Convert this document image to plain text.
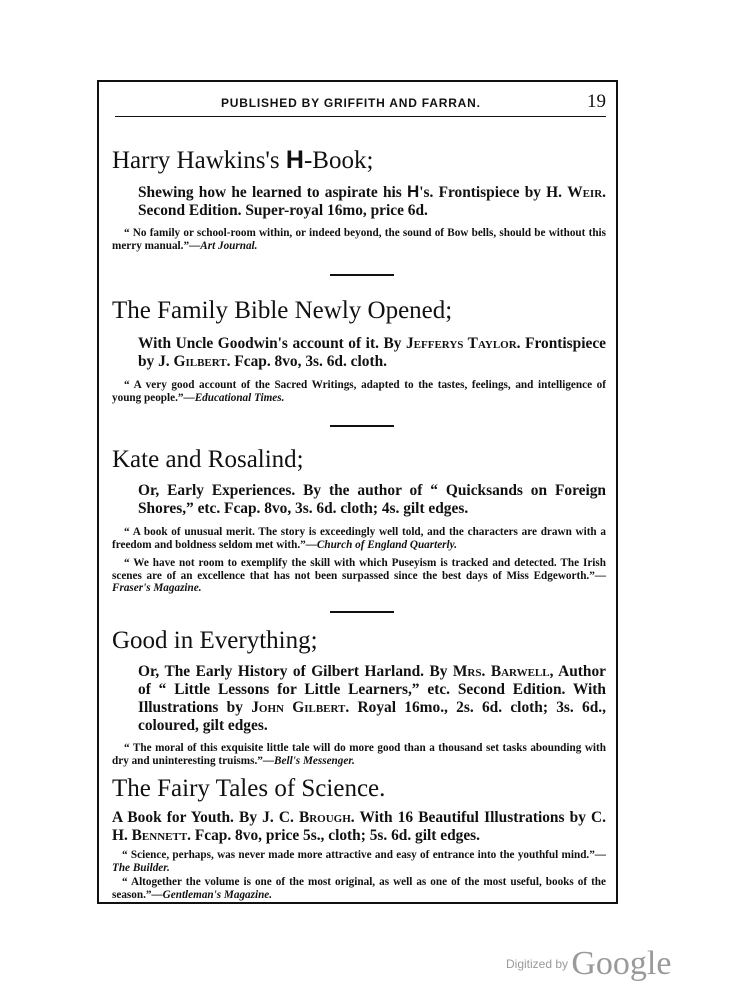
PUBLISHED BY GRIFFITH AND FARRAN.	19
Harry Hawkins's H-Book;
Shewing how he learned to aspirate his H's. Frontispiece by H. Weir. Second Edition. Super-royal 16mo, price 6d.
“ No family or school-room within, or indeed beyond, the sound of Bow bells, should be without this merry manual.”—Art Journal.
The Family Bible Newly Opened;
With Uncle Goodwin's account of it. By Jefferys Taylor. Frontispiece by J. Gilbert. Fcap. 8vo, 3s. 6d. cloth.
“ A very good account of the Sacred Writings, adapted to the tastes, feelings, and intelligence of young people.”—Educational Times.
Kate and Rosalind;
Or, Early Experiences. By the author of “ Quicksands on Foreign Shores,” etc. Fcap. 8vo, 3s. 6d. cloth; 4s. gilt edges.
“ A book of unusual merit. The story is exceedingly well told, and the characters are drawn with a freedom and boldness seldom met with.”—Church of England Quarterly.
“ We have not room to exemplify the skill with which Puseyism is tracked and detected. The Irish scenes are of an excellence that has not been surpassed since the best days of Miss Edgeworth.”—Fraser's Magazine.
Good in Everything;
Or, The Early History of Gilbert Harland. By Mrs. Barwell, Author of “ Little Lessons for Little Learners,” etc. Second Edition. With Illustrations by John Gilbert. Royal 16mo., 2s. 6d. cloth; 3s. 6d., coloured, gilt edges.
“ The moral of this exquisite little tale will do more good than a thousand set tasks abounding with dry and uninteresting truisms.”—Bell's Messenger.
The Fairy Tales of Science.
A Book for Youth. By J. C. Brough. With 16 Beautiful Illustrations by C. H. Bennett. Fcap. 8vo, price 5s., cloth; 5s. 6d. gilt edges.
“ Science, perhaps, was never made more attractive and easy of entrance into the youthful mind.”—The Builder.
“ Altogether the volume is one of the most original, as well as one of the most useful, books of the season.”—Gentleman's Magazine.
$^{Digitized by}$ Google
